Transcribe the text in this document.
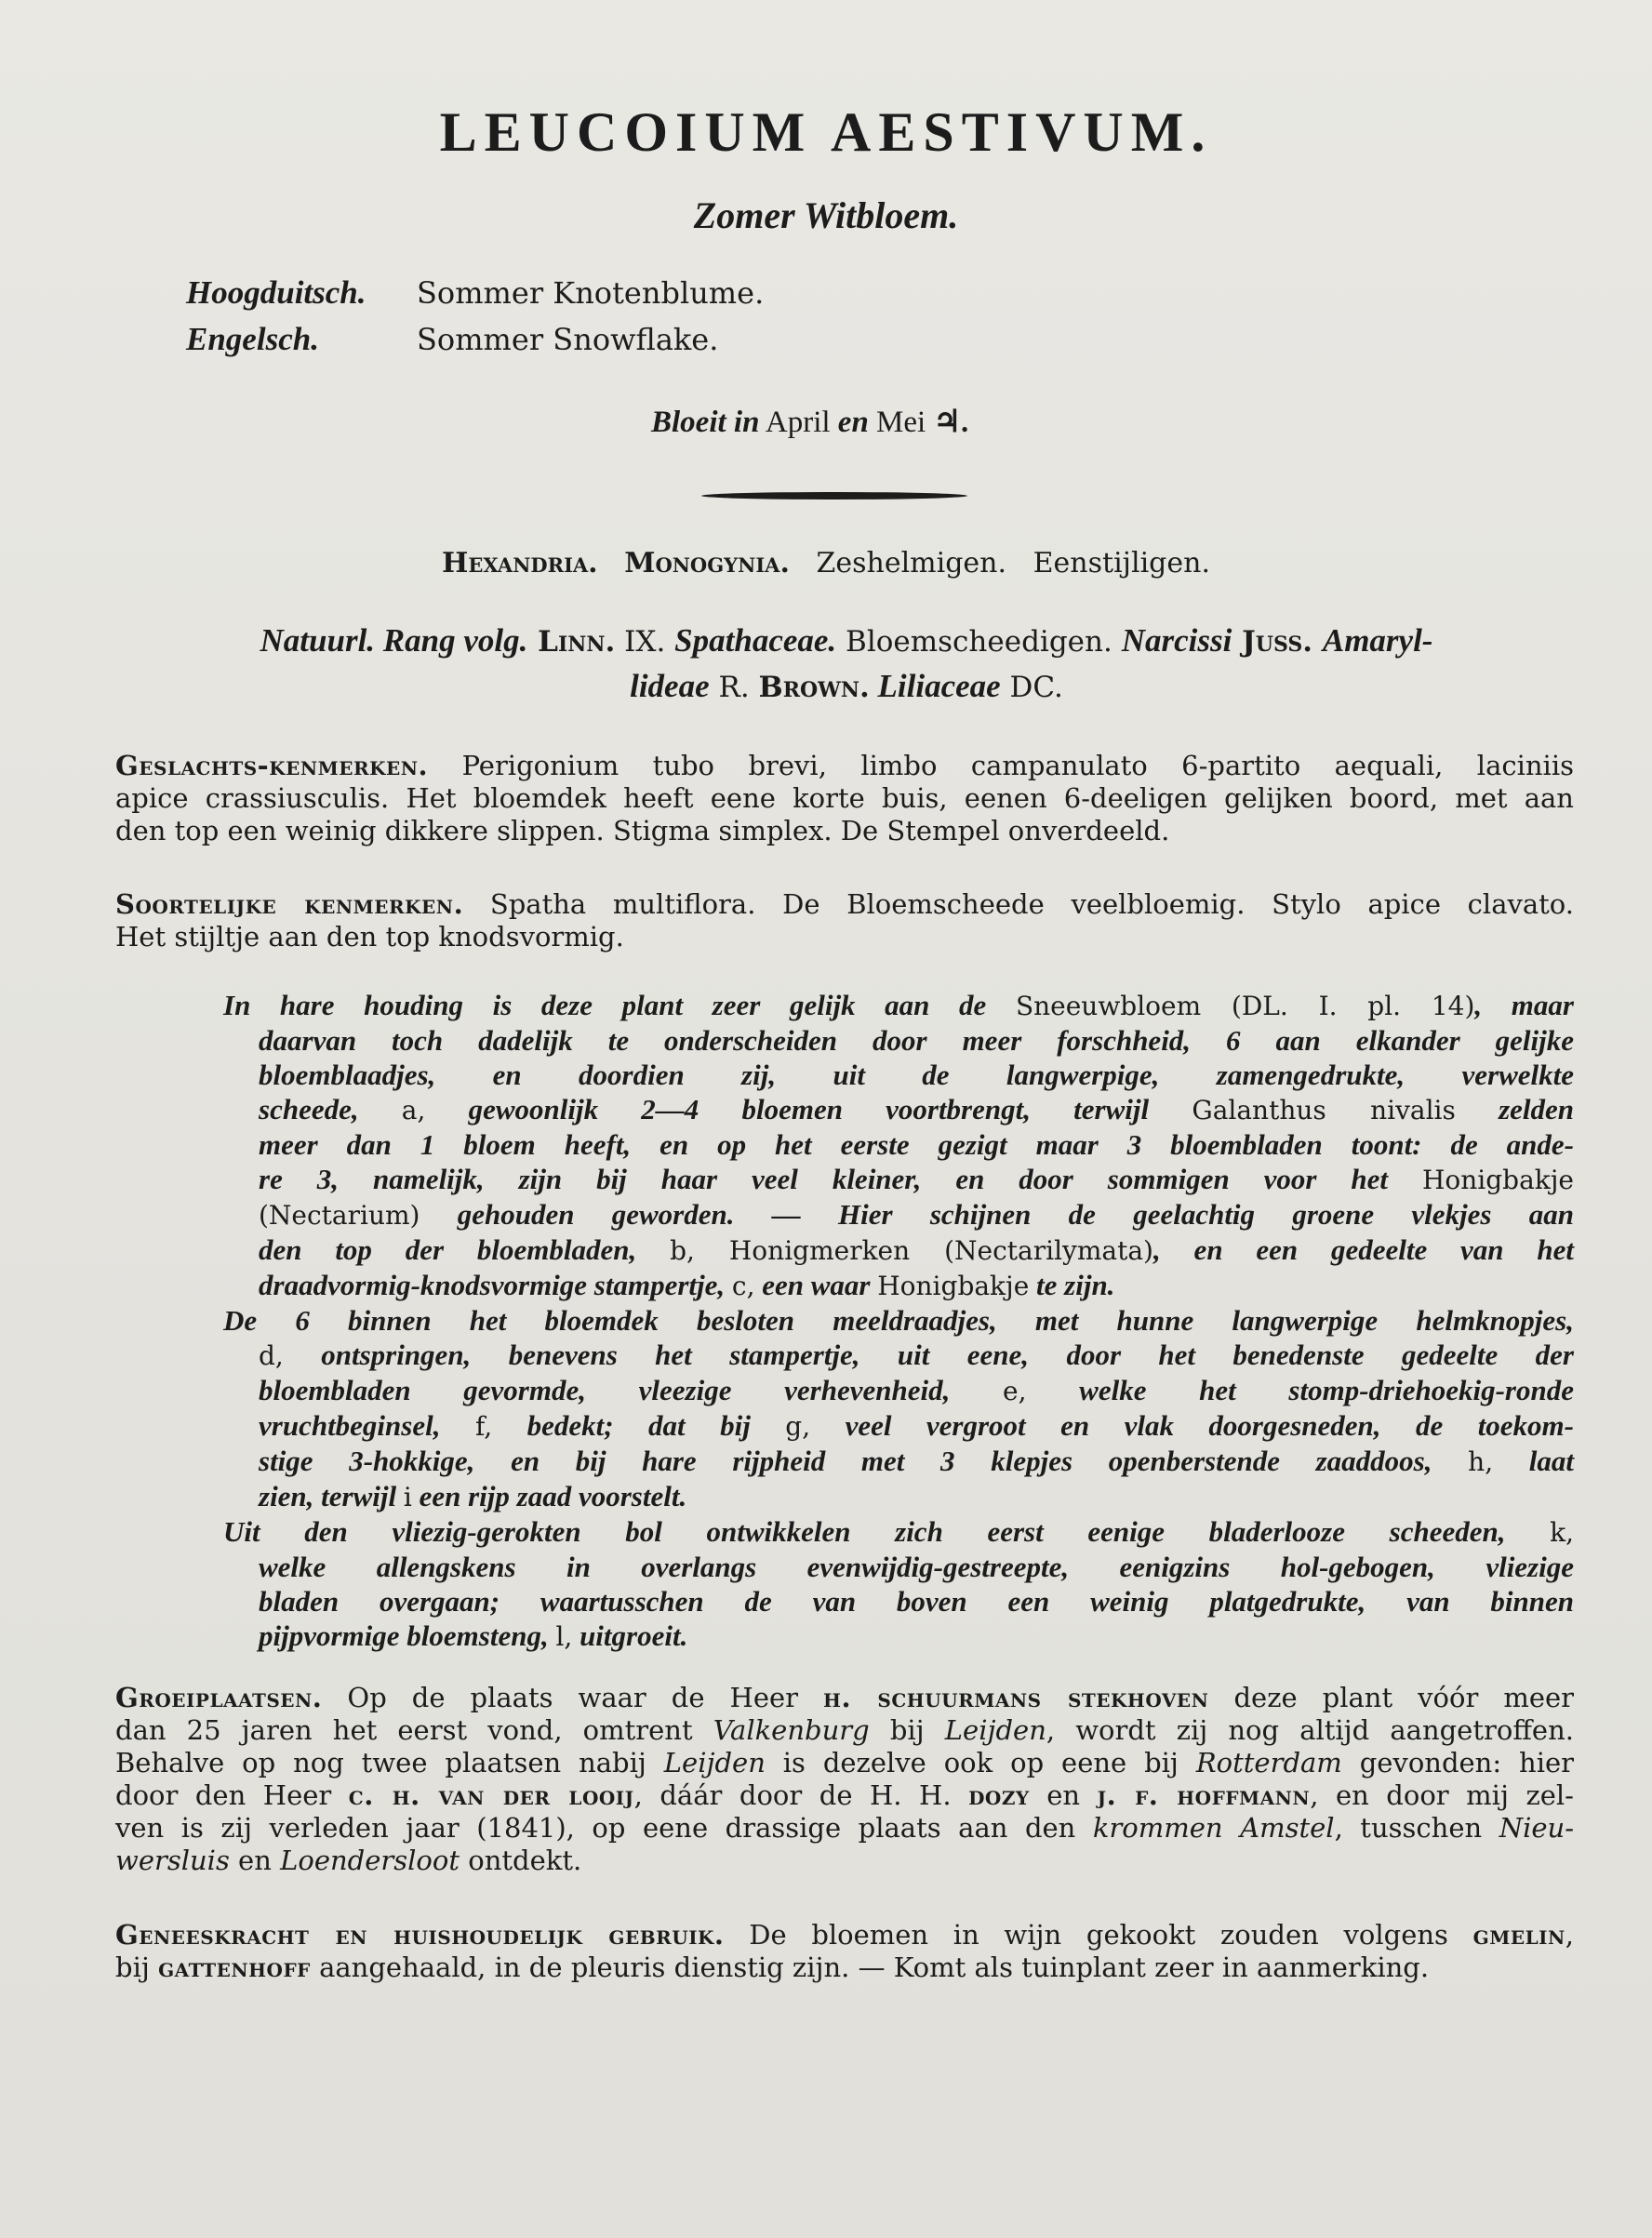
LEUCOIUM AESTIVUM.
Zomer Witbloem.
Hoogduitsch. Sommer Knotenblume.
Engelsch.	Sommer Snowflake.
Bloeit in April en Mei ♃.
Hexandria. Monogynia. Zeshelmigen. Eenstijligen.
Natuurl. Rang volg. Linn. IX. Spathaceae. Bloemscheedigen. Narcissi Juss. Amaryl-
lideae R. Brown. Liliaceae DC.
Geslachts-kenmerken. Perigonium tubo brevi, limbo campanulato 6-partito aequali, laciniis
apice crassiusculis. Het bloemdek heeft eene korte buis, eenen 6-deeligen gelijken boord, met aan
den top een weinig dikkere slippen. Stigma simplex. De Stempel onverdeeld.
Soortelijke kenmerken. Spatha multiflora. De Bloemscheede veelbloemig. Stylo apice clavato.
Het stijltje aan den top knodsvormig.
In hare houding is deze plant zeer gelijk aan de Sneeuwbloem (DL. I. pl. 14), maar
daarvan toch dadelijk te onderscheiden door meer forschheid, 6 aan elkander gelijke
bloemblaadjes, en doordien zij, uit de langwerpige, zamengedrukte, verwelkte
scheede, a, gewoonlijk 2—4 bloemen voortbrengt, terwijl Galanthus nivalis zelden
meer dan 1 bloem heeft, en op het eerste gezigt maar 3 bloembladen toont: de ande-
re 3, namelijk, zijn bij haar veel kleiner, en door sommigen voor het Honigbakje
(Nectarium) gehouden geworden. — Hier schijnen de geelachtig groene vlekjes aan
den top der bloembladen, b, Honigmerken (Nectarilymata), en een gedeelte van het
draadvormig-knodsvormige stampertje, c, een waar Honigbakje te zijn.
De 6 binnen het bloemdek besloten meeldraadjes, met hunne langwerpige helmknopjes,
d, ontspringen, benevens het stampertje, uit eene, door het benedenste gedeelte der
bloembladen gevormde, vleezige verhevenheid, e, welke het stomp-driehoekig-ronde
vruchtbeginsel, f, bedekt; dat bij g, veel vergroot en vlak doorgesneden, de toekom-
stige 3-hokkige, en bij hare rijpheid met 3 klepjes openberstende zaaddoos, h, laat
zien, terwijl i een rijp zaad voorstelt.
Uit den vliezig-gerokten bol ontwikkelen zich eerst eenige bladerlooze scheeden, k,
welke allengskens in overlangs evenwijdig-gestreepte, eenigzins hol-gebogen, vliezige
bladen overgaan; waartusschen de van boven een weinig platgedrukte, van binnen
pijpvormige bloemsteng, l, uitgroeit.
Groeiplaatsen. Op de plaats waar de Heer h. schuurmans stekhoven deze plant vóór meer
dan 25 jaren het eerst vond, omtrent Valkenburg bij Leijden, wordt zij nog altijd aangetroffen.
Behalve op nog twee plaatsen nabij Leijden is dezelve ook op eene bij Rotterdam gevonden: hier
door den Heer c. h. van der looij, dáár door de H. H. dozy en j. f. hoffmann, en door mij zel-
ven is zij verleden jaar (1841), op eene drassige plaats aan den krommen Amstel, tusschen Nieu-
wersluis en Loendersloot ontdekt.
Geneeskracht en huishoudelijk gebruik. De bloemen in wijn gekookt zouden volgens gmelin,
bij gattenhoff aangehaald, in de pleuris dienstig zijn. — Komt als tuinplant zeer in aanmerking.
